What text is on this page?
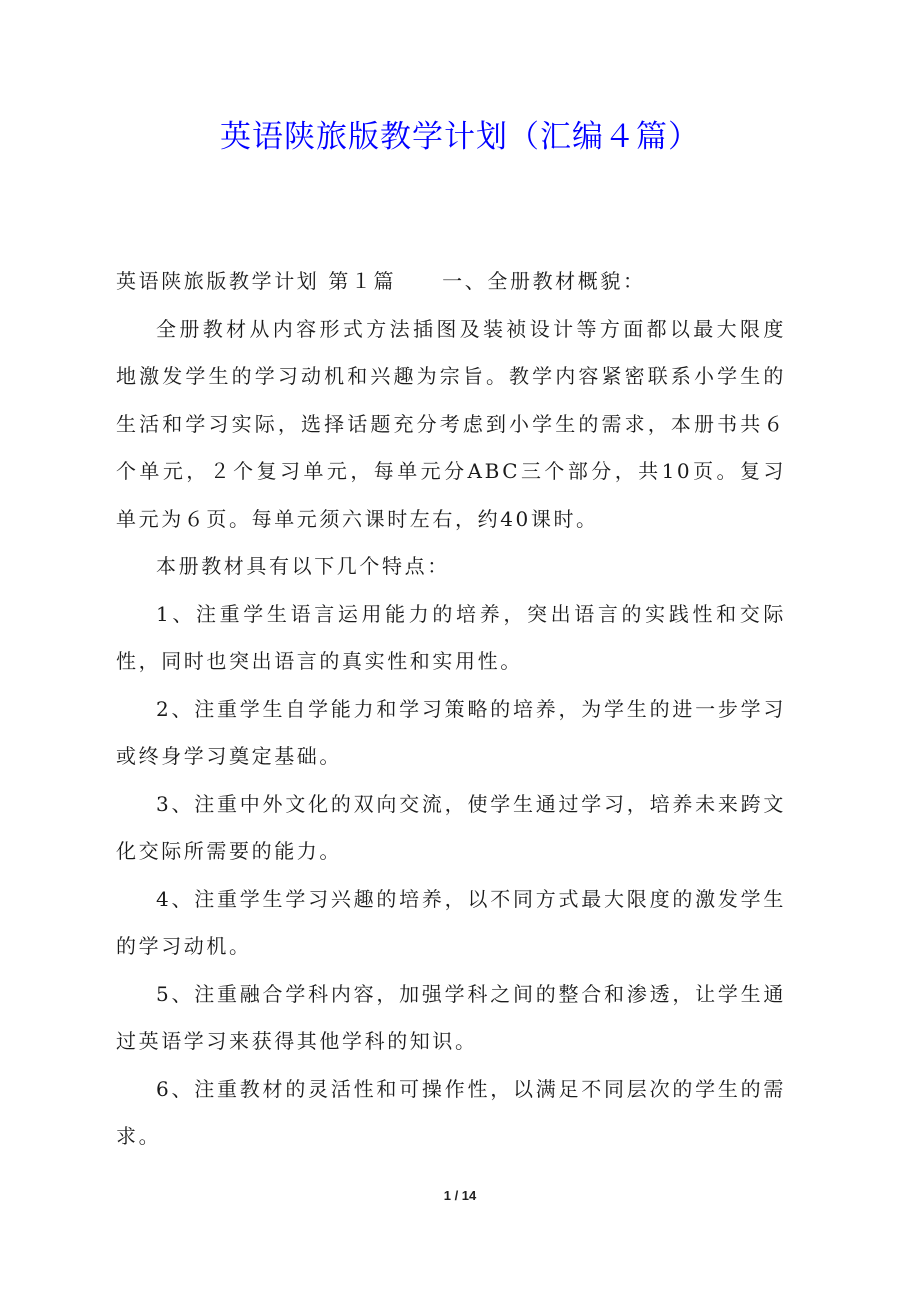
英语陕旅版教学计划（汇编４篇）

英语陕旅版教学计划 第１篇 一、全册教材概貌：

全册教材从内容形式方法插图及装祯设计等方面都以最大限度地激发学生的学习动机和兴趣为宗旨。教学内容紧密联系小学生的生活和学习实际，选择话题充分考虑到小学生的需求，本册书共６个单元，２个复习单元，每单元分ABC三个部分，共10页。复习单元为６页。每单元须六课时左右，约40课时。

本册教材具有以下几个特点：

1、注重学生语言运用能力的培养，突出语言的实践性和交际性，同时也突出语言的真实性和实用性。

2、注重学生自学能力和学习策略的培养，为学生的进一步学习或终身学习奠定基础。

3、注重中外文化的双向交流，使学生通过学习，培养未来跨文化交际所需要的能力。

4、注重学生学习兴趣的培养，以不同方式最大限度的激发学生的学习动机。

5、注重融合学科内容，加强学科之间的整合和渗透，让学生通过英语学习来获得其他学科的知识。

6、注重教材的灵活性和可操作性，以满足不同层次的学生的需求。

1 / 14
